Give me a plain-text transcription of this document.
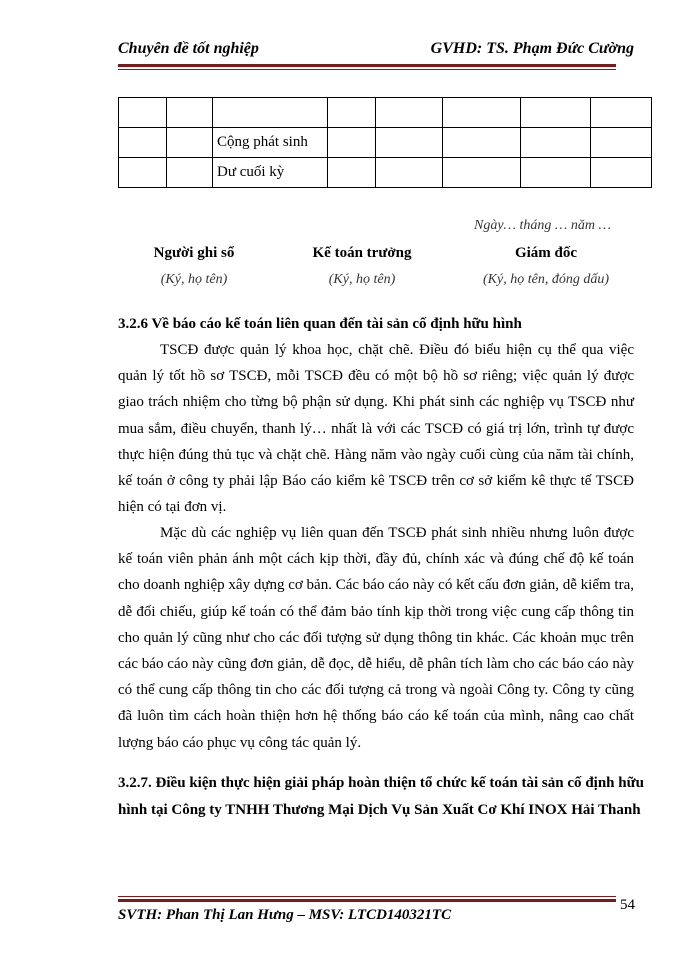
Chuyên đề tốt nghiệp	GVHD: TS. Phạm Đức Cường

		Cộng phát sinh					
		Dư cuối kỳ					
Ngày… tháng … năm …
Người ghi sổ
(Ký, họ tên)
Kế toán trưởng
(Ký, họ tên)
Giám đốc
(Ký, họ tên, đóng dấu)
3.2.6 Về báo cáo kế toán liên quan đến tài sản cố định hữu hình
TSCĐ được quản lý khoa học, chặt chẽ. Điều đó biểu hiện cụ thể qua việc quản lý tốt hồ sơ TSCĐ, mỗi TSCĐ đều có một bộ hồ sơ riêng; việc quản lý được giao trách nhiệm cho từng bộ phận sử dụng. Khi phát sinh các nghiệp vụ TSCĐ như mua sắm, điều chuyển, thanh lý… nhất là với các TSCĐ có giá trị lớn, trình tự được thực hiện đúng thủ tục và chặt chẽ. Hàng năm vào ngày cuối cùng của năm tài chính, kế toán ở công ty phải lập Báo cáo kiểm kê TSCĐ trên cơ sở kiểm kê thực tế TSCĐ hiện có tại đơn vị.
Mặc dù các nghiệp vụ liên quan đến TSCĐ phát sinh nhiều nhưng luôn được kế toán viên phản ánh một cách kịp thời, đầy đủ, chính xác và đúng chế độ kế toán cho doanh nghiệp xây dựng cơ bản. Các báo cáo này có kết cấu đơn giản, dễ kiểm tra, dễ đối chiếu, giúp kế toán có thể đảm bảo tính kịp thời trong việc cung cấp thông tin cho quản lý cũng như cho các đối tượng sử dụng thông tin khác. Các khoản mục trên các báo cáo này cũng đơn giản, dễ đọc, dễ hiểu, dễ phân tích làm cho các báo cáo này có thể cung cấp thông tin cho các đối tượng cả trong và ngoài Công ty. Công ty cũng đã luôn tìm cách hoàn thiện hơn hệ thống báo cáo kế toán của mình, nâng cao chất lượng báo cáo phục vụ công tác quản lý.
3.2.7. Điều kiện thực hiện giải pháp hoàn thiện tổ chức kế toán tài sản cố định hữu hình tại Công ty TNHH Thương Mại Dịch Vụ Sản Xuất Cơ Khí INOX Hải Thanh
54
SVTH: Phan Thị Lan Hưng – MSV: LTCD140321TC
